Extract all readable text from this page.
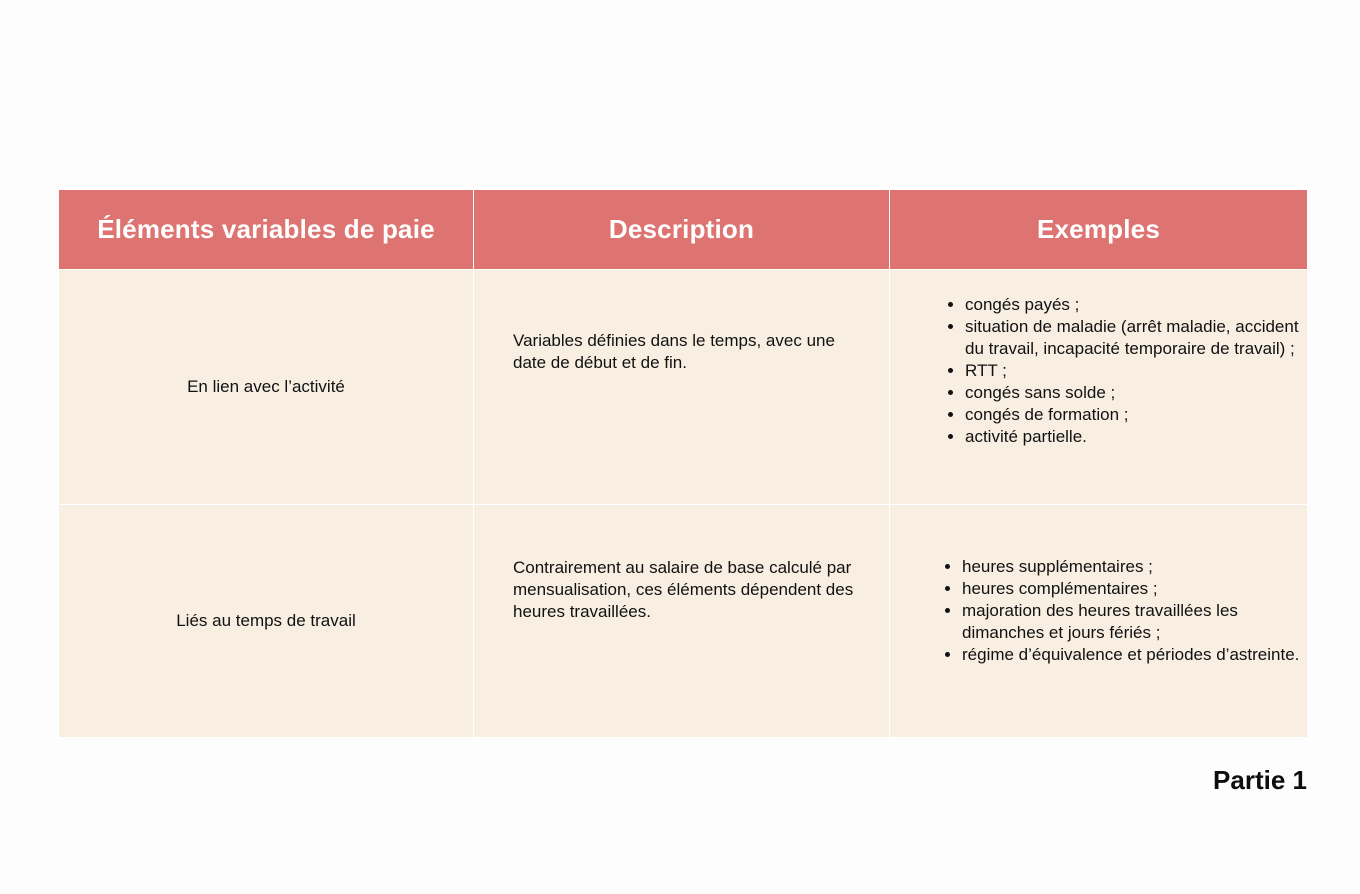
Éléments variables de paie	Description	Exemples
En lien avec l’activité
Variables définies dans le temps, avec une date de début et de fin.
• congés payés ;
• situation de maladie (arrêt maladie, accident du travail, incapacité temporaire de travail) ;
• RTT ;
• congés sans solde ;
• congés de formation ;
• activité partielle.
Liés au temps de travail
Contrairement au salaire de base calculé par mensualisation, ces éléments dépendent des heures travaillées.
• heures supplémentaires ;
• heures complémentaires ;
• majoration des heures travaillées les dimanches et jours fériés ;
• régime d’équivalence et périodes d’astreinte.
Partie 1
